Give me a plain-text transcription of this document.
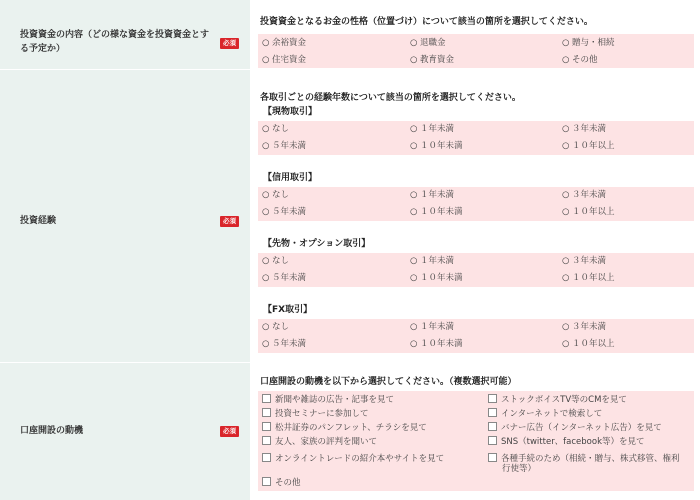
投資資金の内容（どの様な資金を投資資金とす
る予定か）
必須
投資資金となるお金の性格（位置づけ）について該当の箇所を選択してください。
○ 余裕資金	○ 退職金	○ 贈与・相続
○ 住宅資金	○ 教育資金	○ その他
投資経験	必須
各取引ごとの経験年数について該当の箇所を選択してください。
【現物取引】
○ なし	○ １年未満	○ ３年未満
○ ５年未満	○ １０年未満	○ １０年以上
【信用取引】
○ なし	○ １年未満	○ ３年未満
○ ５年未満	○ １０年未満	○ １０年以上
【先物・オプション取引】
○ なし	○ １年未満	○ ３年未満
○ ５年未満	○ １０年未満	○ １０年以上
【FX取引】
○ なし	○ １年未満	○ ３年未満
○ ５年未満	○ １０年未満	○ １０年以上
口座開設の動機	必須
口座開設の動機を以下から選択してください。（複数選択可能）
新聞や雑誌の広告・記事を見て
投資セミナーに参加して
松井証券のパンフレット、チラシを見て
友人、家族の評判を聞いて
オンライントレードの紹介本やサイトを見て
その他
ストックボイスTV等のCMを見て
インターネットで検索して
バナー広告（インターネット広告）を見て
SNS（twitter、facebook等）を見て
各種手続のため（相続・贈与、株式移管、権利
行使等）
